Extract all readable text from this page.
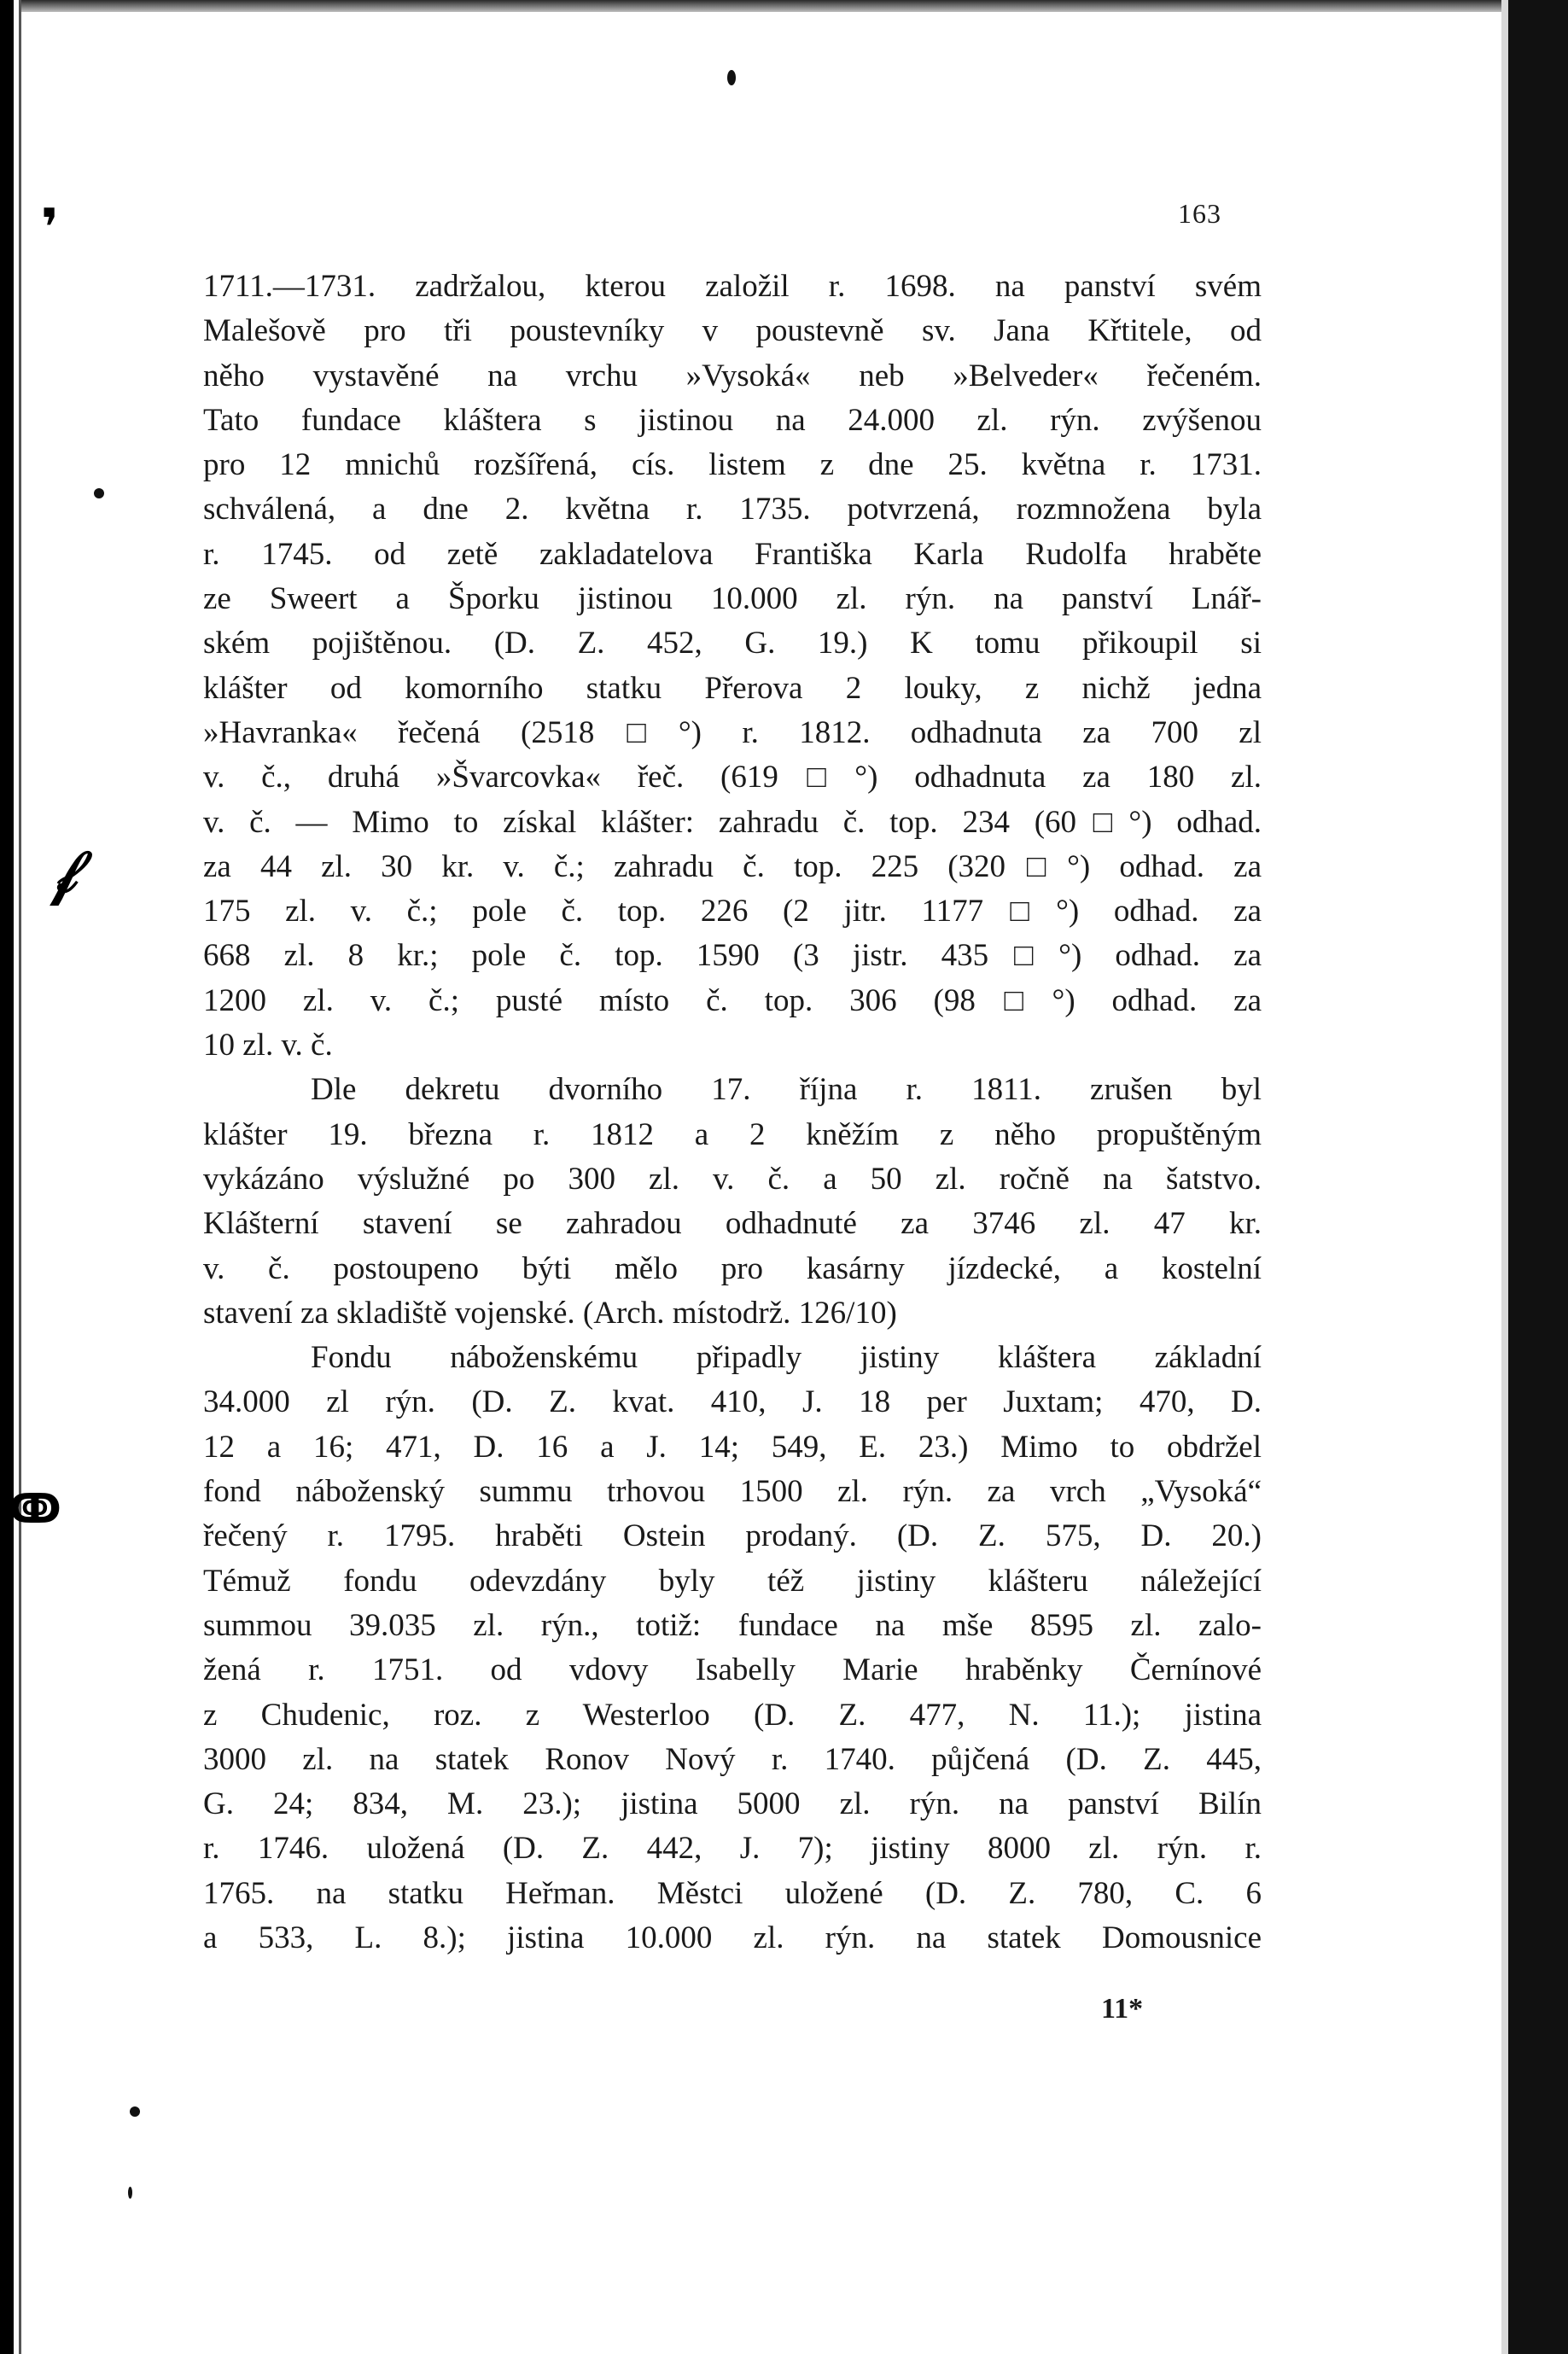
❜
𝒻
ↂ
163
1711.—1731. zadržalou, kterou založil r. 1698. na panství svém
Malešově pro tři poustevníky v poustevně sv. Jana Křtitele, od
něho vystavěné na vrchu »Vysoká« neb »Belveder« řečeném.
Tato fundace kláštera s jistinou na 24.000 zl. rýn. zvýšenou
pro 12 mnichů rozšířená, cís. listem z dne 25. května r. 1731.
schválená, a dne 2. května r. 1735. potvrzená, rozmnožena byla
r. 1745. od zetě zakladatelova Františka Karla Rudolfa hraběte
ze Sweert a Šporku jistinou 10.000 zl. rýn. na panství Lnář-
ském pojištěnou. (D. Z. 452, G. 19.) K tomu přikoupil si
klášter od komorního statku Přerova 2 louky, z nichž jedna
»Havranka« řečená (2518□°) r. 1812. odhadnuta za 700 zl
v. č., druhá »Švarcovka« řeč. (619□°) odhadnuta za 180 zl.
v. č. — Mimo to získal klášter: zahradu č. top. 234 (60□°) odhad.
za 44 zl. 30 kr. v. č.; zahradu č. top. 225 (320□°) odhad. za
175 zl. v. č.; pole č. top. 226 (2 jitr. 1177□°) odhad. za
668 zl. 8 kr.; pole č. top. 1590 (3 jistr. 435□°) odhad. za
1200 zl. v. č.; pusté místo č. top. 306 (98□°) odhad. za
10 zl. v. č.
Dle dekretu dvorního 17. října r. 1811. zrušen byl
klášter 19. března r. 1812 a 2 kněžím z něho propuštěným
vykázáno výslužné po 300 zl. v. č. a 50 zl. ročně na šatstvo.
Klášterní stavení se zahradou odhadnuté za 3746 zl. 47 kr.
v. č. postoupeno býti mělo pro kasárny jízdecké, a kostelní
stavení za skladiště vojenské. (Arch. místodrž. 126/10)
Fondu náboženskému připadly jistiny kláštera základní
34.000 zl rýn. (D. Z. kvat. 410, J. 18 per Juxtam; 470, D.
12 a 16; 471, D. 16 a J. 14; 549, E. 23.) Mimo to obdržel
fond náboženský summu trhovou 1500 zl. rýn. za vrch „Vysoká“
řečený r. 1795. hraběti Ostein prodaný. (D. Z. 575, D. 20.)
Témuž fondu odevzdány byly též jistiny klášteru náležející
summou 39.035 zl. rýn., totiž: fundace na mše 8595 zl. zalo-
žená r. 1751. od vdovy Isabelly Marie hraběnky Černínové
z Chudenic, roz. z Westerloo (D. Z. 477, N. 11.); jistina
3000 zl. na statek Ronov Nový r. 1740. půjčená (D. Z. 445,
G. 24; 834, M. 23.); jistina 5000 zl. rýn. na panství Bilín
r. 1746. uložená (D. Z. 442, J. 7); jistiny 8000 zl. rýn. r.
1765. na statku Heřman. Městci uložené (D. Z. 780, C. 6
a 533, L. 8.); jistina 10.000 zl. rýn. na statek Domousnice
11*
